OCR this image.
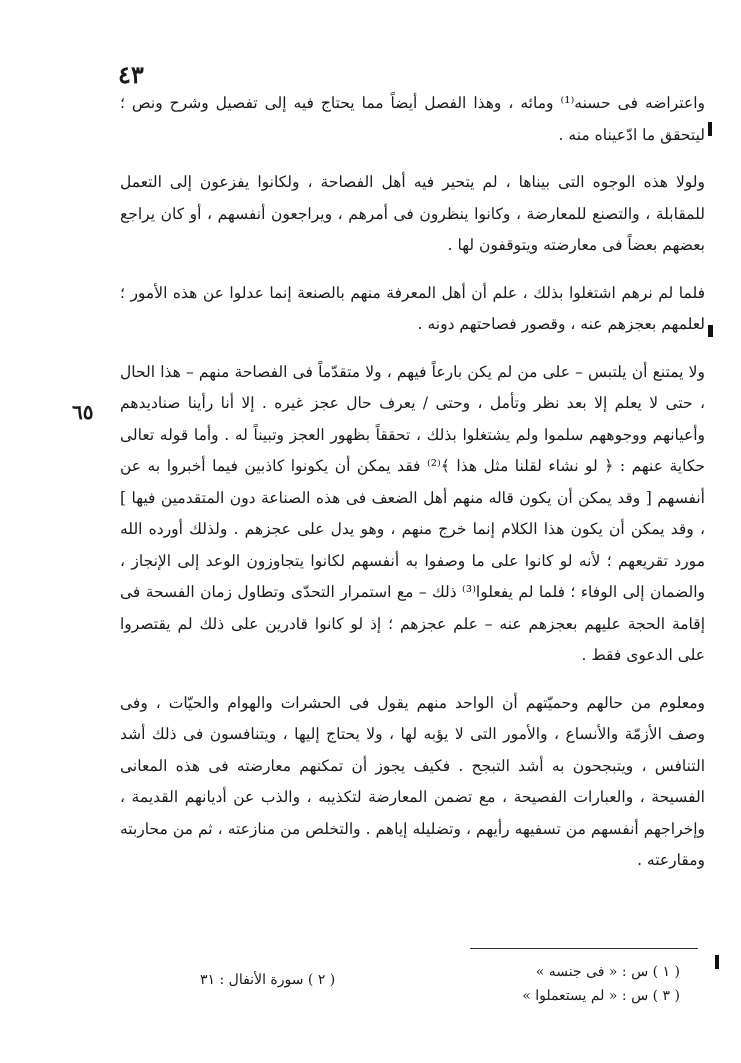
٤٣

واعتراضه فى حسنه⁽¹⁾ ومائه ، وهذا الفصل أيضاً مما يحتاج فيه إلى تفصيل وشرح ونص ؛ ليتحقق ما ادّعيناه منه .

ولولا هذه الوجوه التى بيناها ، لم يتحير فيه أهل الفصاحة ، ولكانوا يفزعون إلى التعمل للمقابلة ، والتصنع للمعارضة ، وكانوا ينظرون فى أمرهم ، ويراجعون أنفسهم ، أو كان يراجع بعضهم بعضاً فى معارضته ويتوقفون لها .

فلما لم نرهم اشتغلوا بذلك ، علم أن أهل المعرفة منهم بالصنعة إنما عدلوا عن هذه الأمور ؛ لعلمهم بعجزهم عنه ، وقصور فصاحتهم دونه .

ولا يمتنع أن يلتبس – على من لم يكن بارعاً فيهم ، ولا متقدّماً فى الفصاحة منهم – هذا الحال ، حتى لا يعلم إلا بعد نظر وتأمل ، وحتى / يعرف حال عجز غيره . إلا أنا رأينا صناديدهم وأعيانهم ووجوههم سلموا ولم يشتغلوا بذلك ، تحققاً بظهور العجز وتبيناً له . وأما قوله تعالى حكاية عنهم : ﴿ لو نشاء لقلنا مثل هذا ﴾⁽²⁾ فقد يمكن أن يكونوا كاذبين فيما أخبروا به عن أنفسهم [ وقد يمكن أن يكون قاله منهم أهل الضعف فى هذه الصناعة دون المتقدمين فيها ] ، وقد يمكن أن يكون هذا الكلام إنما خرج منهم ، وهو يدل على عجزهم . ولذلك أورده الله مورد تقريعهم ؛ لأنه لو كانوا على ما وصفوا به أنفسهم لكانوا يتجاوزون الوعد إلى الإنجاز ، والضمان إلى الوفاء ؛ فلما لم يفعلوا⁽³⁾ ذلك – مع استمرار التحدّى وتطاول زمان الفسحة فى إقامة الحجة عليهم بعجزهم عنه – علم عجزهم ؛ إذ لو كانوا قادرين على ذلك لم يقتصروا على الدعوى فقط .

ومعلوم من حالهم وحميّتهم أن الواحد منهم يقول فى الحشرات والهوام والحيّات ، وفى وصف الأزمّة والأنساع ، والأمور التى لا يؤبه لها ، ولا يحتاج إليها ، ويتنافسون فى ذلك أشد التنافس ، ويتبجحون به أشد التبجح . فكيف يجوز أن تمكنهم معارضته فى هذه المعانى الفسيحة ، والعبارات الفصيحة ، مع تضمن المعارضة لتكذيبه ، والذب عن أديانهم القديمة ، وإخراجهم أنفسهم من تسفيهه رأيهم ، وتضليله إياهم . والتخلص من منازعته ، ثم من محاربته ومقارعته .

٦٥
( ١ ) س : « فى جنسه »
( ٣ ) س : « لم يستعملوا »
( ٢ ) سورة الأنفال : ٣١
